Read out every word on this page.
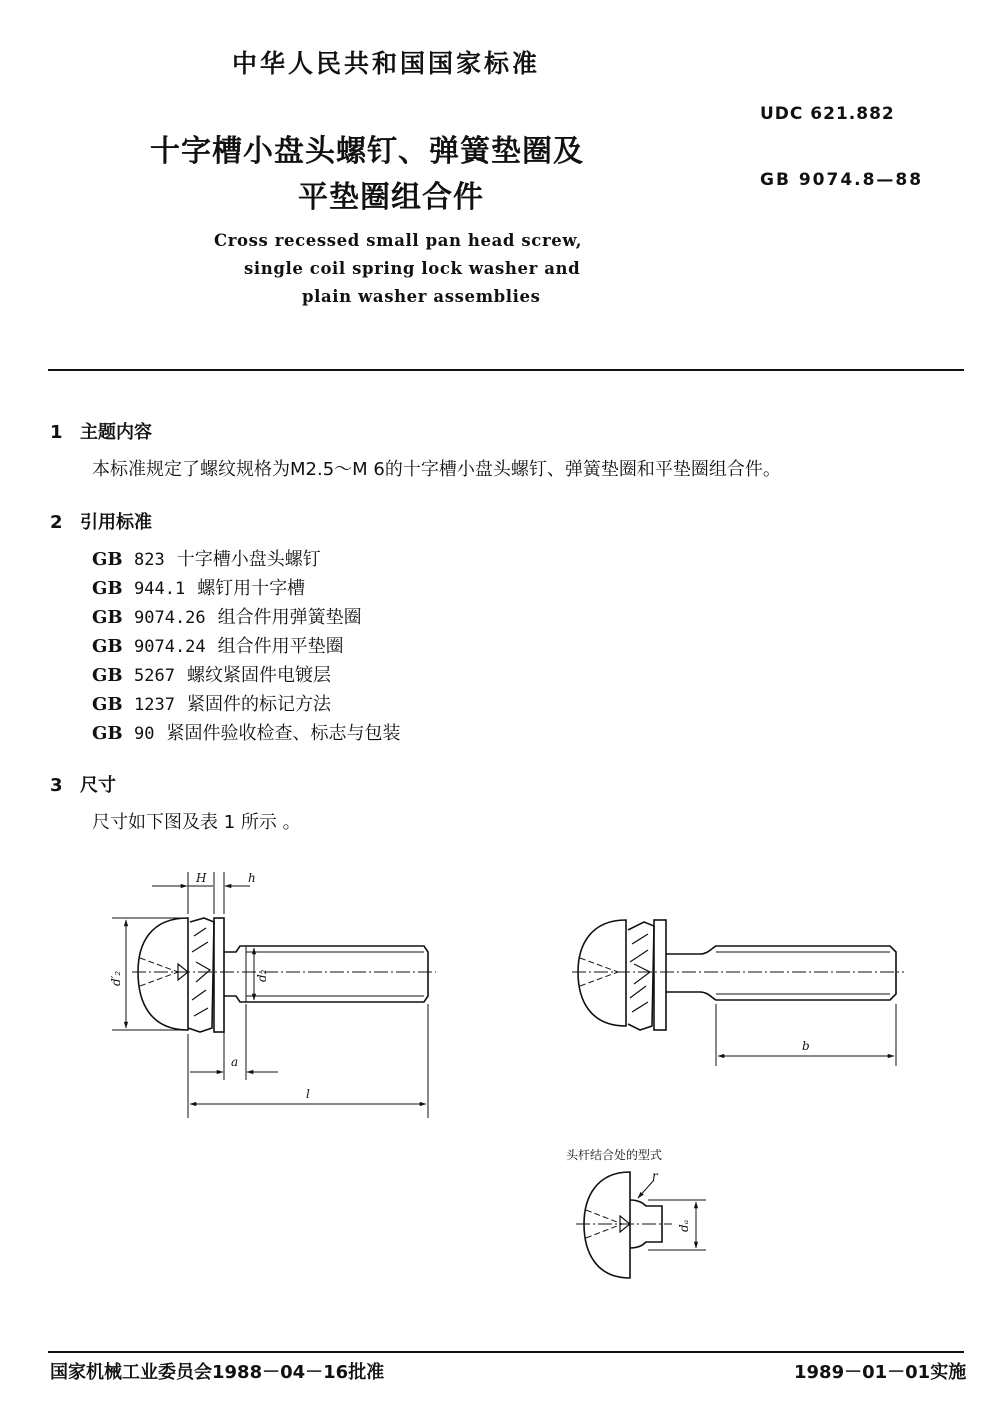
中华人民共和国国家标准
UDC 621.882
GB 9074.8—88
十字槽小盘头螺钉、弹簧垫圈及
平垫圈组合件
Cross recessed small pan head screw,
single coil spring lock washer and
plain washer assemblies
1 主题内容
本标准规定了螺纹规格为M2.5～M 6的十字槽小盘头螺钉、弹簧垫圈和平垫圈组合件。
2 引用标准
GB 823 十字槽小盘头螺钉
GB 944.1 螺钉用十字槽
GB 9074.26 组合件用弹簧垫圈
GB 9074.24 组合件用平垫圈
GB 5267 螺纹紧固件电镀层
GB 1237 紧固件的标记方法
GB 90 紧固件验收检查、标志与包装
3 尺寸
尺寸如下图及表 1 所示 。
H	h
d′₂	d₂
a
l
b
dₐ
r
头杆结合处的型式
国家机械工业委员会1988－04－16批准	1989－01－01实施
